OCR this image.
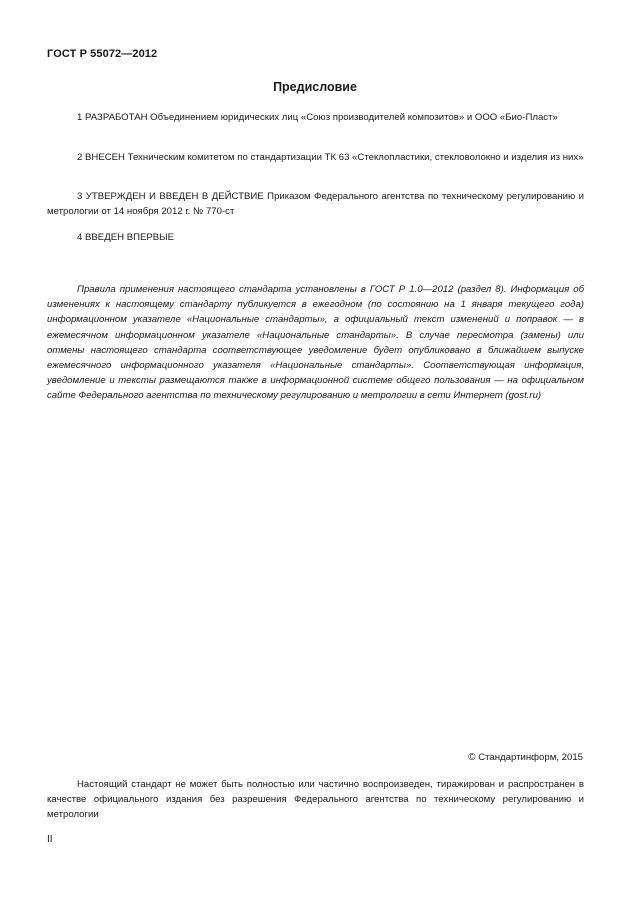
ГОСТ Р 55072—2012
Предисловие

1 РАЗРАБОТАН Объединением юридических лиц «Союз производителей композитов» и ООО «Био-Пласт»

2 ВНЕСЕН Техническим комитетом по стандартизации ТК 63 «Стеклопластики, стекловолокно и изделия из них»

3 УТВЕРЖДЕН И ВВЕДЕН В ДЕЙСТВИЕ Приказом Федерального агентства по техническому регулированию и метрологии от 14 ноября 2012 г. № 770-ст

4 ВВЕДЕН ВПЕРВЫЕ

Правила применения настоящего стандарта установлены в ГОСТ Р 1.0—2012 (раздел 8). Информация об изменениях к настоящему стандарту публикуется в ежегодном (по состоянию на 1 января текущего года) информационном указателе «Национальные стандарты», а официальный текст изменений и поправок — в ежемесячном информационном указателе «Национальные стандарты». В случае пересмотра (замены) или отмены настоящего стандарта соответствующее уведомление будет опубликовано в ближайшем выпуске ежемесячного информационного указателя «Национальные стандарты». Соответствующая информация, уведомление и тексты размещаются также в информационной системе общего пользования — на официальном сайте Федерального агентства по техническому регулированию и метрологии в сети Интернет (gost.ru)

© Стандартинформ, 2015

Настоящий стандарт не может быть полностью или частично воспроизведен, тиражирован и распространен в качестве официального издания без разрешения Федерального агентства по техническому регулированию и метрологии

II
